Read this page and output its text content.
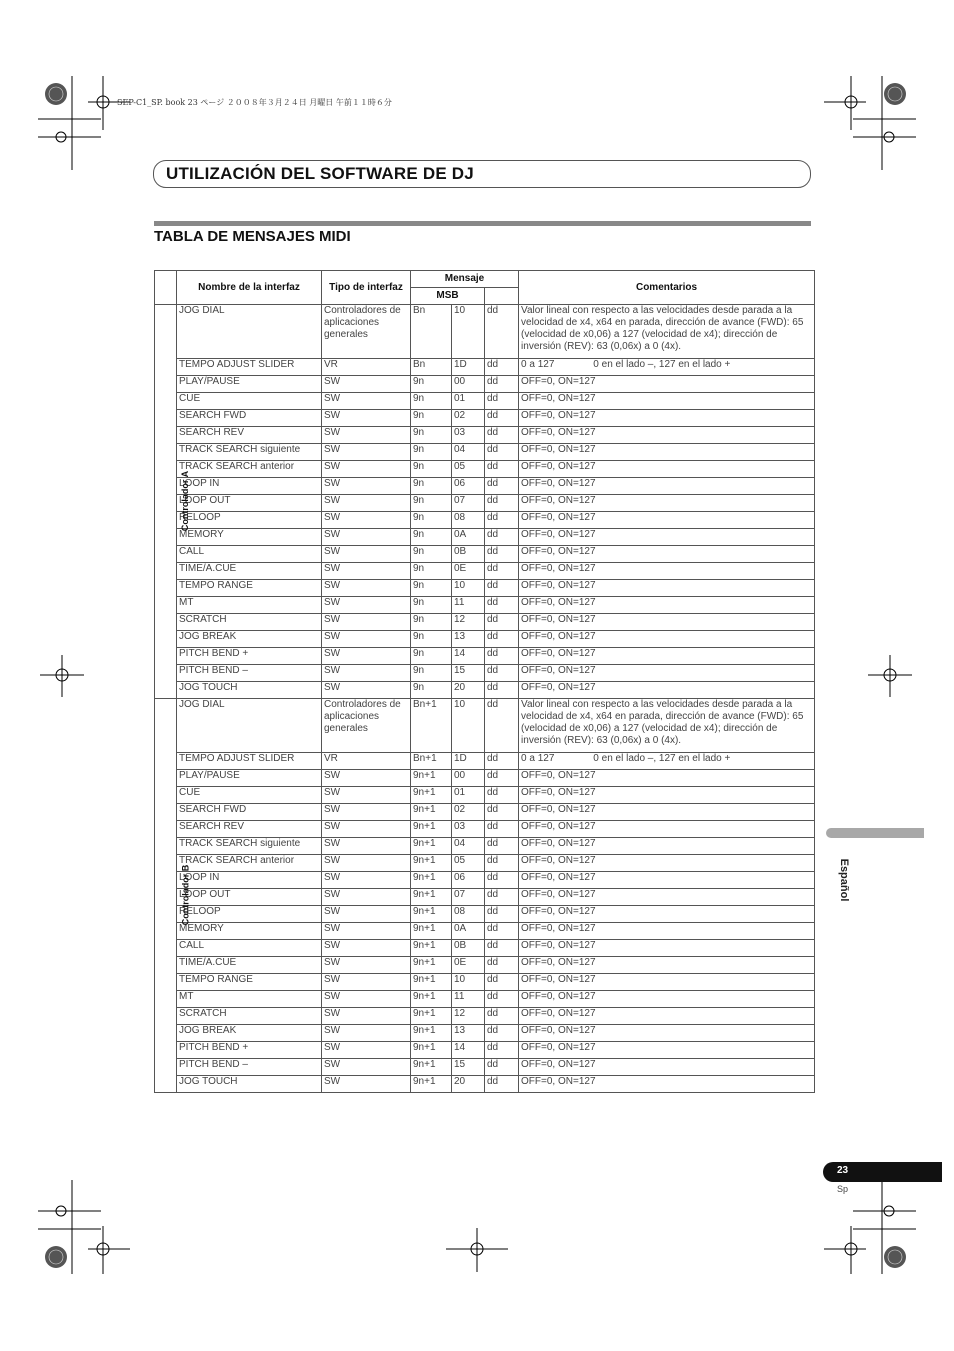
SEP-C1_SP. book 23 ページ ２００８年３月２４日 月曜日 午前１１時６分
UTILIZACIÓN DEL SOFTWARE DE DJ
TABLA DE MENSAJES MIDI
	Nombre de la interfaz	Tipo de interfaz	Mensaje			Comentarios
			MSB			
Controlador A	JOG DIAL	Controladores de aplicaciones generales	Bn	10	dd	Valor lineal con respecto a las velocidades desde parada a la velocidad de x4, x64 en parada, dirección de avance (FWD): 65 (velocidad de x0,06) a 127 (velocidad de x4); dirección de inversión (REV): 63 (0,06x) a 0 (4x).
	TEMPO ADJUST SLIDER	VR	Bn	1D	dd	0 a 127              0 en el lado –, 127 en el lado +
	PLAY/PAUSE	SW	9n	00	dd	OFF=0, ON=127
	CUE	SW	9n	01	dd	OFF=0, ON=127
	SEARCH FWD	SW	9n	02	dd	OFF=0, ON=127
	SEARCH REV	SW	9n	03	dd	OFF=0, ON=127
	TRACK SEARCH siguiente	SW	9n	04	dd	OFF=0, ON=127
	TRACK SEARCH anterior	SW	9n	05	dd	OFF=0, ON=127
	LOOP IN	SW	9n	06	dd	OFF=0, ON=127
	LOOP OUT	SW	9n	07	dd	OFF=0, ON=127
	RELOOP	SW	9n	08	dd	OFF=0, ON=127
	MEMORY	SW	9n	0A	dd	OFF=0, ON=127
	CALL	SW	9n	0B	dd	OFF=0, ON=127
	TIME/A.CUE	SW	9n	0E	dd	OFF=0, ON=127
	TEMPO RANGE	SW	9n	10	dd	OFF=0, ON=127
	MT	SW	9n	11	dd	OFF=0, ON=127
	SCRATCH	SW	9n	12	dd	OFF=0, ON=127
	JOG BREAK	SW	9n	13	dd	OFF=0, ON=127
	PITCH BEND +	SW	9n	14	dd	OFF=0, ON=127
	PITCH BEND –	SW	9n	15	dd	OFF=0, ON=127
	JOG TOUCH	SW	9n	20	dd	OFF=0, ON=127
Controlador B	JOG DIAL	Controladores de aplicaciones generales	Bn+1	10	dd	Valor lineal con respecto a las velocidades desde parada a la velocidad de x4, x64 en parada, dirección de avance (FWD): 65 (velocidad de x0,06) a 127 (velocidad de x4); dirección de inversión (REV): 63 (0,06x) a 0 (4x).
	TEMPO ADJUST SLIDER	VR	Bn+1	1D	dd	0 a 127              0 en el lado –, 127 en el lado +
	PLAY/PAUSE	SW	9n+1	00	dd	OFF=0, ON=127
	CUE	SW	9n+1	01	dd	OFF=0, ON=127
	SEARCH FWD	SW	9n+1	02	dd	OFF=0, ON=127
	SEARCH REV	SW	9n+1	03	dd	OFF=0, ON=127
	TRACK SEARCH siguiente	SW	9n+1	04	dd	OFF=0, ON=127
	TRACK SEARCH anterior	SW	9n+1	05	dd	OFF=0, ON=127
	LOOP IN	SW	9n+1	06	dd	OFF=0, ON=127
	LOOP OUT	SW	9n+1	07	dd	OFF=0, ON=127
	RELOOP	SW	9n+1	08	dd	OFF=0, ON=127
	MEMORY	SW	9n+1	0A	dd	OFF=0, ON=127
	CALL	SW	9n+1	0B	dd	OFF=0, ON=127
	TIME/A.CUE	SW	9n+1	0E	dd	OFF=0, ON=127
	TEMPO RANGE	SW	9n+1	10	dd	OFF=0, ON=127
	MT	SW	9n+1	11	dd	OFF=0, ON=127
	SCRATCH	SW	9n+1	12	dd	OFF=0, ON=127
	JOG BREAK	SW	9n+1	13	dd	OFF=0, ON=127
	PITCH BEND +	SW	9n+1	14	dd	OFF=0, ON=127
	PITCH BEND –	SW	9n+1	15	dd	OFF=0, ON=127
	JOG TOUCH	SW	9n+1	20	dd	OFF=0, ON=127
Español
23
Sp
